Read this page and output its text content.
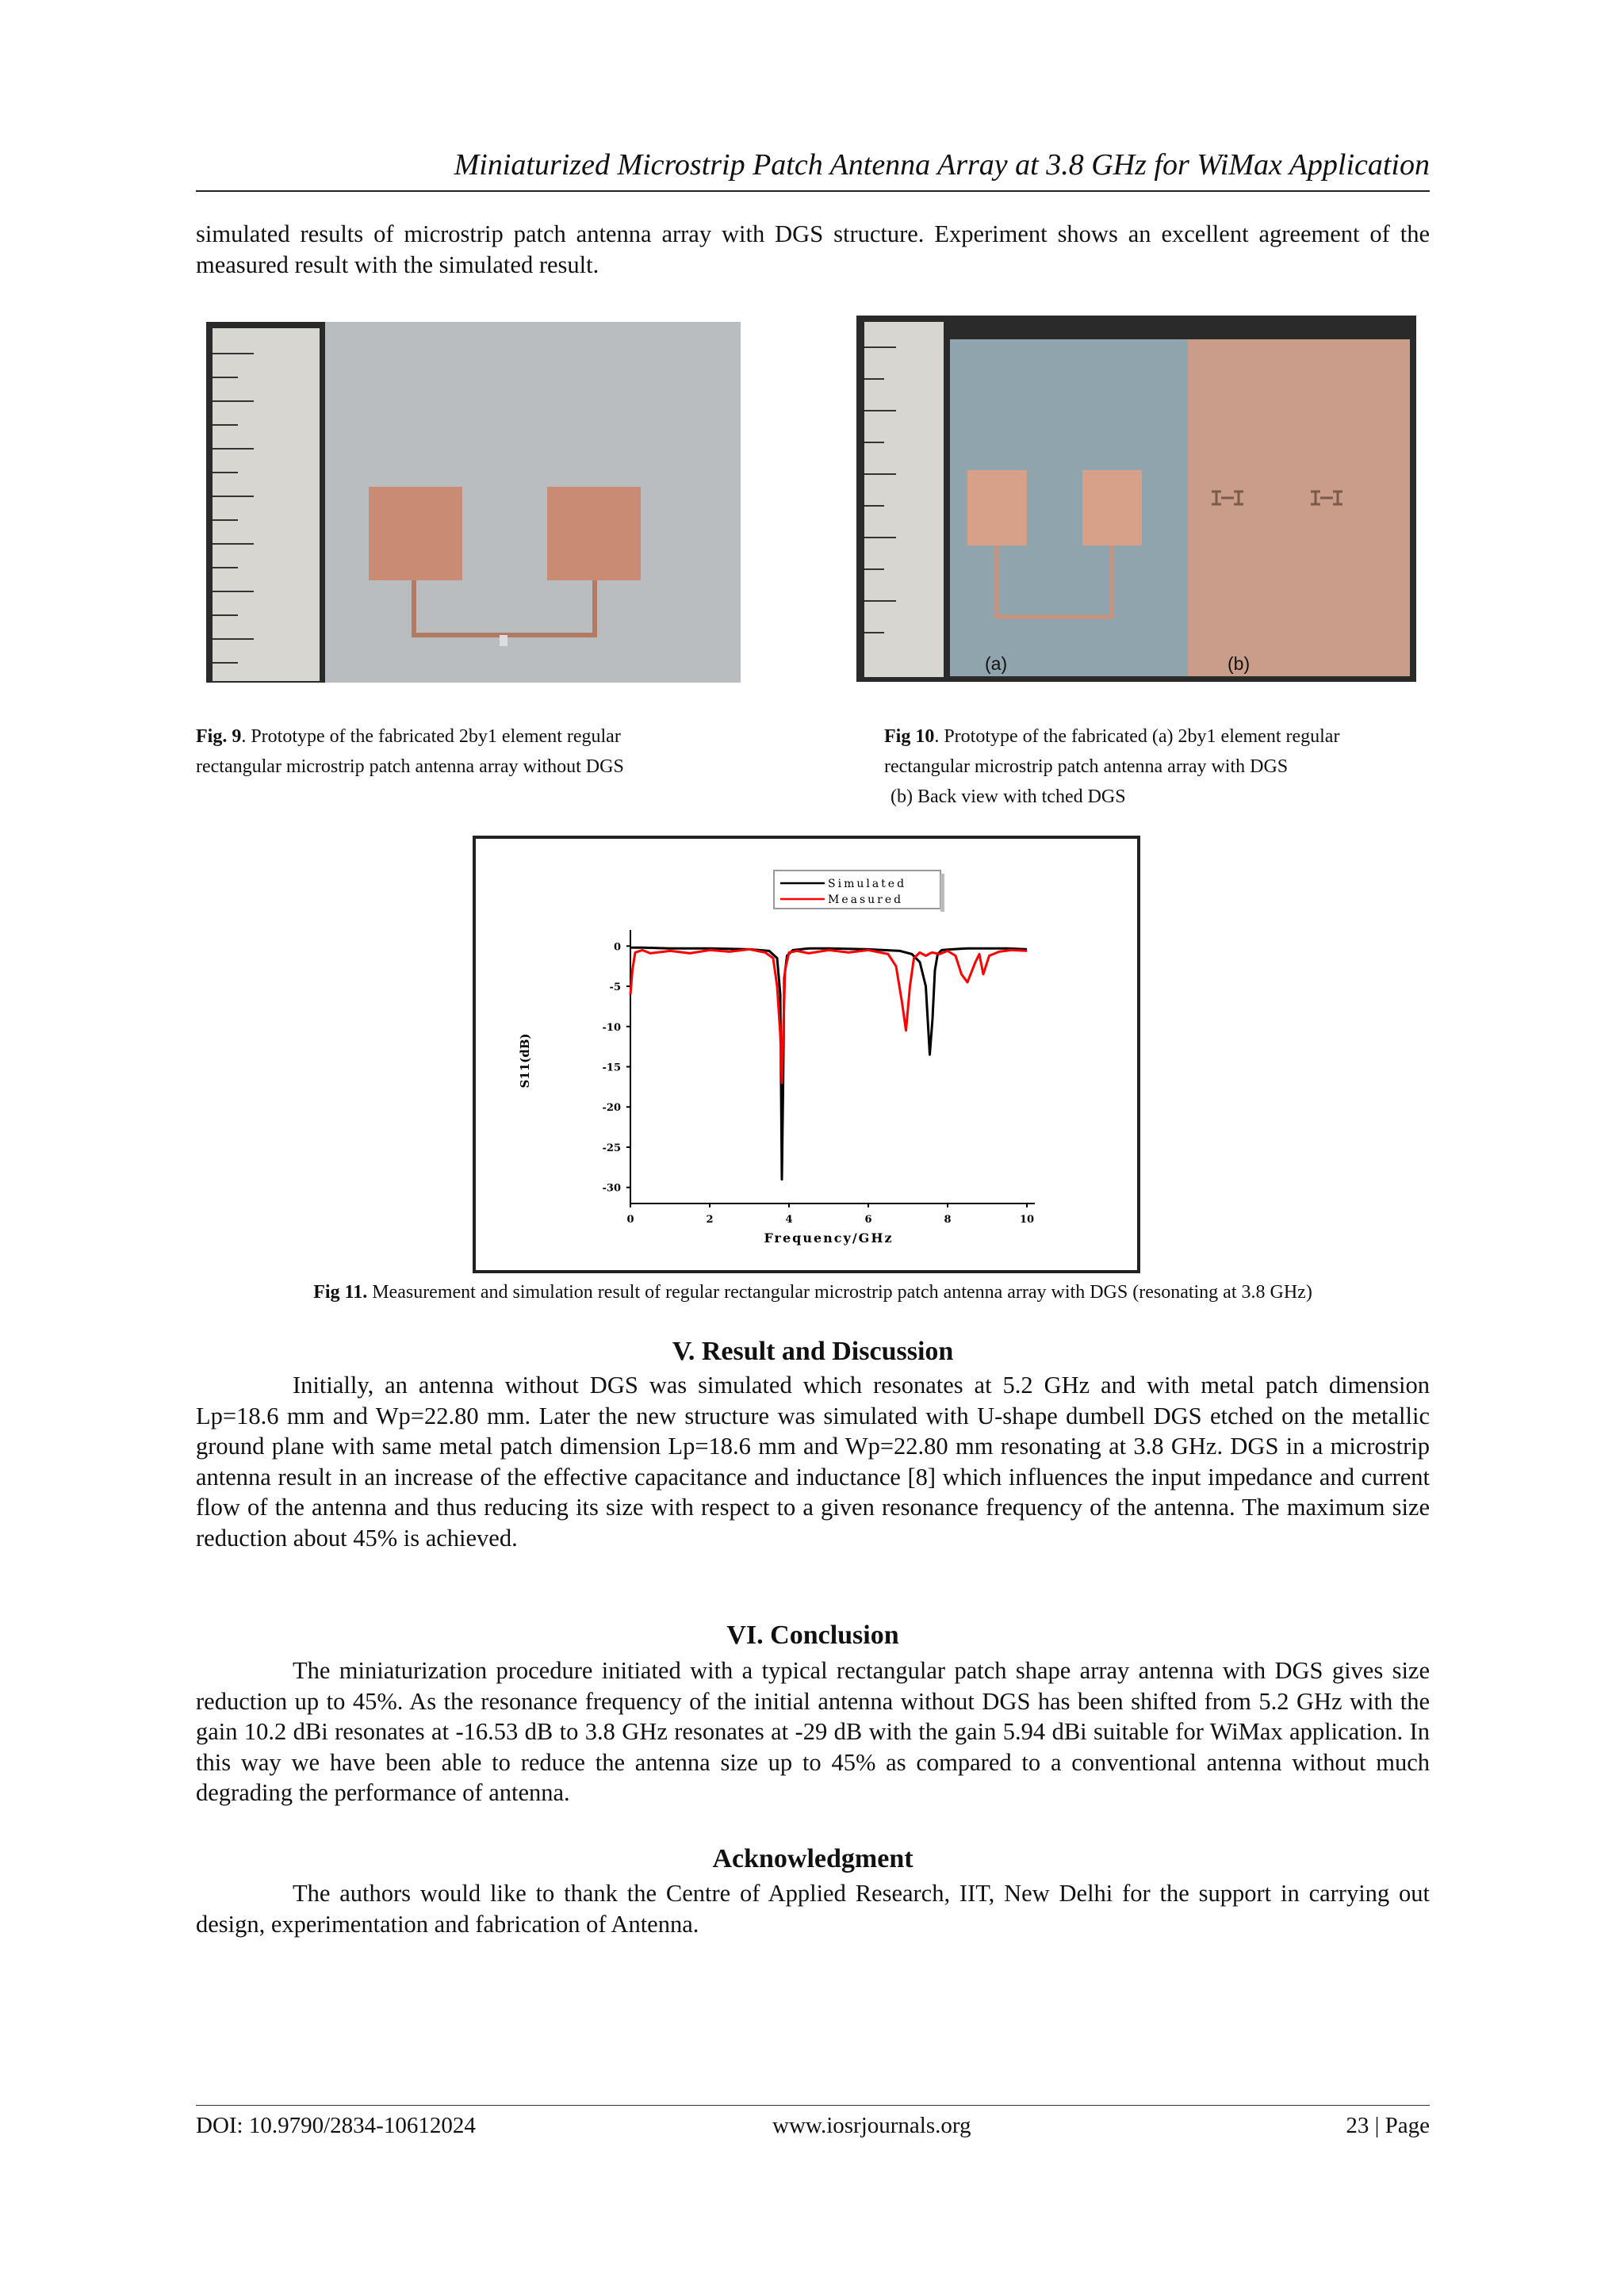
Miniaturized Microstrip Patch Antenna Array at 3.8 GHz for WiMax Application

simulated results of microstrip patch antenna array with DGS structure. Experiment shows an excellent agreement of the measured result with the simulated result.

(a)	(b)
Fig. 9. Prototype of the fabricated 2by1 element regular
rectangular microstrip patch antenna array without DGS
Fig 10. Prototype of the fabricated (a) 2by1 element regular
rectangular microstrip patch antenna array with DGS
(b) Back view with tched DGS
0
-5
-10
-15
-20
-25
-30
0	2	4	6	8	10
Frequency/GHz
S11(dB)
Simulated
Measured
Fig 11. Measurement and simulation result of regular rectangular microstrip patch antenna array with DGS (resonating at 3.8 GHz)
V. Result and Discussion

Initially, an antenna without DGS was simulated which resonates at 5.2 GHz and with metal patch dimension Lp=18.6 mm and Wp=22.80 mm. Later the new structure was simulated with U-shape dumbell DGS etched on the metallic ground plane with same metal patch dimension Lp=18.6 mm and Wp=22.80 mm resonating at 3.8 GHz. DGS in a microstrip antenna result in an increase of the effective capacitance and inductance [8] which influences the input impedance and current flow of the antenna and thus reducing its size with respect to a given resonance frequency of the antenna. The maximum size reduction about 45% is achieved.

VI. Conclusion

The miniaturization procedure initiated with a typical rectangular patch shape array antenna with DGS gives size reduction up to 45%. As the resonance frequency of the initial antenna without DGS has been shifted from 5.2 GHz with the gain 10.2 dBi resonates at -16.53 dB to 3.8 GHz resonates at -29 dB with the gain 5.94 dBi suitable for WiMax application. In this way we have been able to reduce the antenna size up to 45% as compared to a conventional antenna without much degrading the performance of antenna.

Acknowledgment

The authors would like to thank the Centre of Applied Research, IIT, New Delhi for the support in carrying out design, experimentation and fabrication of Antenna.

DOI: 10.9790/2834-10612024	www.iosrjournals.org	23 | Page
